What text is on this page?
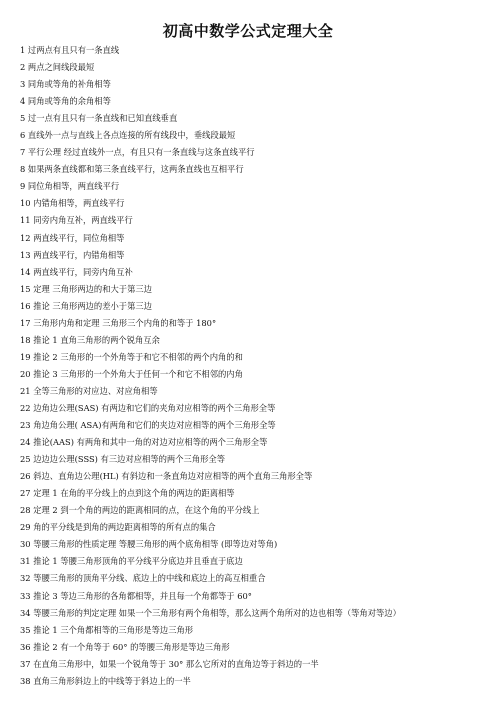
初高中数学公式定理大全
1 过两点有且只有一条直线
2 两点之间线段最短
3 同角或等角的补角相等
4 同角或等角的余角相等
5 过一点有且只有一条直线和已知直线垂直
6 直线外一点与直线上各点连接的所有线段中，垂线段最短
7 平行公理 经过直线外一点，有且只有一条直线与这条直线平行
8 如果两条直线都和第三条直线平行，这两条直线也互相平行
9 同位角相等，两直线平行
10 内错角相等，两直线平行
11 同旁内角互补，两直线平行
12 两直线平行，同位角相等
13 两直线平行，内错角相等
14 两直线平行，同旁内角互补
15 定理 三角形两边的和大于第三边
16 推论 三角形两边的差小于第三边
17 三角形内角和定理 三角形三个内角的和等于 180°
18 推论 1 直角三角形的两个锐角互余
19 推论 2 三角形的一个外角等于和它不相邻的两个内角的和
20 推论 3 三角形的一个外角大于任何一个和它不相邻的内角
21 全等三角形的对应边、对应角相等
22 边角边公理(SAS) 有两边和它们的夹角对应相等的两个三角形全等
23 角边角公理( ASA)有两角和它们的夹边对应相等的两个三角形全等
24 推论(AAS) 有两角和其中一角的对边对应相等的两个三角形全等
25 边边边公理(SSS) 有三边对应相等的两个三角形全等
26 斜边、直角边公理(HL) 有斜边和一条直角边对应相等的两个直角三角形全等
27 定理 1 在角的平分线上的点到这个角的两边的距离相等
28 定理 2 到一个角的两边的距离相同的点，在这个角的平分线上
29 角的平分线是到角的两边距离相等的所有点的集合
30 等腰三角形的性质定理 等腰三角形的两个底角相等 (即等边对等角)
31 推论 1 等腰三角形顶角的平分线平分底边并且垂直于底边
32 等腰三角形的顶角平分线、底边上的中线和底边上的高互相重合
33 推论 3 等边三角形的各角都相等，并且每一个角都等于 60°
34 等腰三角形的判定定理 如果一个三角形有两个角相等，那么这两个角所对的边也相等（等角对等边）
35 推论 1 三个角都相等的三角形是等边三角形
36 推论 2 有一个角等于 60° 的等腰三角形是等边三角形
37 在直角三角形中，如果一个锐角等于 30° 那么它所对的直角边等于斜边的一半
38 直角三角形斜边上的中线等于斜边上的一半
